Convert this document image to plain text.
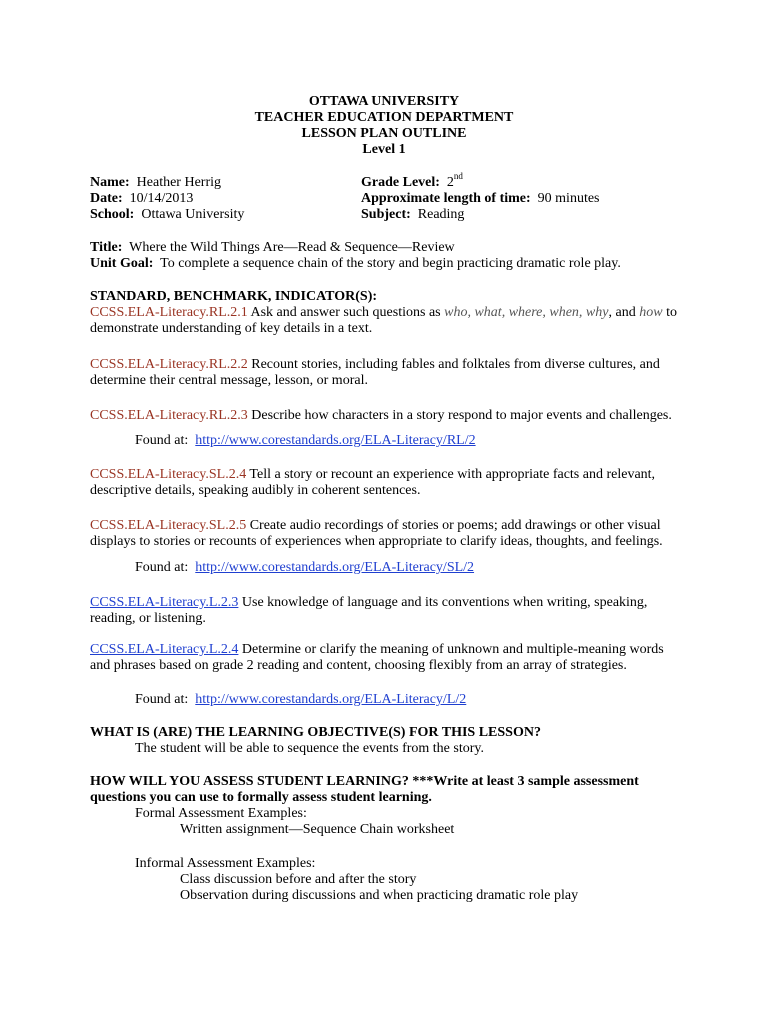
OTTAWA UNIVERSITY
TEACHER EDUCATION DEPARTMENT
LESSON PLAN OUTLINE
Level 1
Name: Heather Herrig	Grade Level: 2nd
Date: 10/14/2013	Approximate length of time: 90 minutes
School: Ottawa University	Subject: Reading
Title: Where the Wild Things Are—Read & Sequence—Review
Unit Goal: To complete a sequence chain of the story and begin practicing dramatic role play.
STANDARD, BENCHMARK, INDICATOR(S):
CCSS.ELA-Literacy.RL.2.1 Ask and answer such questions as who, what, where, when, why, and how to
demonstrate understanding of key details in a text.
CCSS.ELA-Literacy.RL.2.2 Recount stories, including fables and folktales from diverse cultures, and
determine their central message, lesson, or moral.
CCSS.ELA-Literacy.RL.2.3 Describe how characters in a story respond to major events and challenges.
Found at: http://www.corestandards.org/ELA-Literacy/RL/2
CCSS.ELA-Literacy.SL.2.4 Tell a story or recount an experience with appropriate facts and relevant,
descriptive details, speaking audibly in coherent sentences.
CCSS.ELA-Literacy.SL.2.5 Create audio recordings of stories or poems; add drawings or other visual
displays to stories or recounts of experiences when appropriate to clarify ideas, thoughts, and feelings.
Found at: http://www.corestandards.org/ELA-Literacy/SL/2
CCSS.ELA-Literacy.L.2.3 Use knowledge of language and its conventions when writing, speaking,
reading, or listening.
CCSS.ELA-Literacy.L.2.4 Determine or clarify the meaning of unknown and multiple-meaning words
and phrases based on grade 2 reading and content, choosing flexibly from an array of strategies.
Found at: http://www.corestandards.org/ELA-Literacy/L/2
WHAT IS (ARE) THE LEARNING OBJECTIVE(S) FOR THIS LESSON?
The student will be able to sequence the events from the story.
HOW WILL YOU ASSESS STUDENT LEARNING? ***Write at least 3 sample assessment
questions you can use to formally assess student learning.
Formal Assessment Examples:
Written assignment—Sequence Chain worksheet
Informal Assessment Examples:
Class discussion before and after the story
Observation during discussions and when practicing dramatic role play
